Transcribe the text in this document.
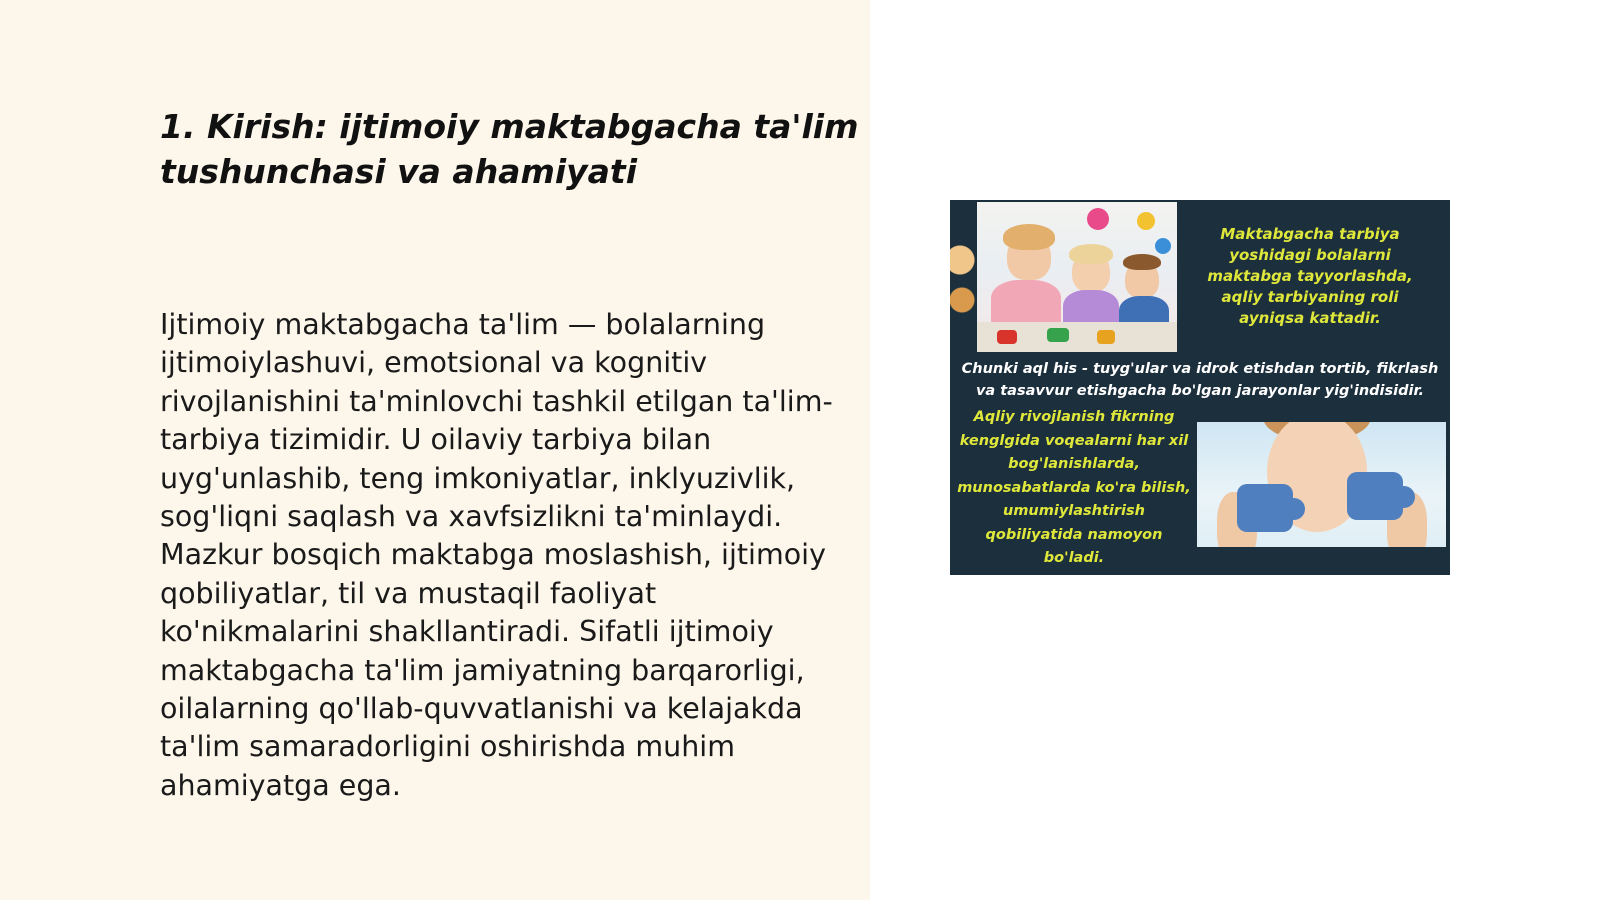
1. Kirish: ijtimoiy maktabgacha ta'lim tushunchasi va ahamiyati

Ijtimoiy maktabgacha ta'lim — bolalarning ijtimoiylashuvi, emotsional va kognitiv rivojlanishini ta'minlovchi tashkil etilgan ta'lim-tarbiya tizimidir. U oilaviy tarbiya bilan uyg'unlashib, teng imkoniyatlar, inklyuzivlik, sog'liqni saqlash va xavfsizlikni ta'minlaydi. Mazkur bosqich maktabga moslashish, ijtimoiy qobiliyatlar, til va mustaqil faoliyat ko'nikmalarini shakllantiradi. Sifatli ijtimoiy maktabgacha ta'lim jamiyatning barqarorligi, oilalarning qo'llab-quvvatlanishi va kelajakda ta'lim samaradorligini oshirishda muhim ahamiyatga ega.

Maktabgacha tarbiya yoshidagi bolalarni maktabga tayyorlashda, aqliy tarbiyaning roli ayniqsa kattadir.

Chunki aql his - tuyg'ular va idrok etishdan tortib, fikrlash va tasavvur etishgacha bo'lgan jarayonlar yig'indisidir.

Aqliy rivojlanish fikrning kenglgida voqealarni har xil bog'lanishlarda, munosabatlarda ko'ra bilish, umumiylashtirish qobiliyatida namoyon bo'ladi.
